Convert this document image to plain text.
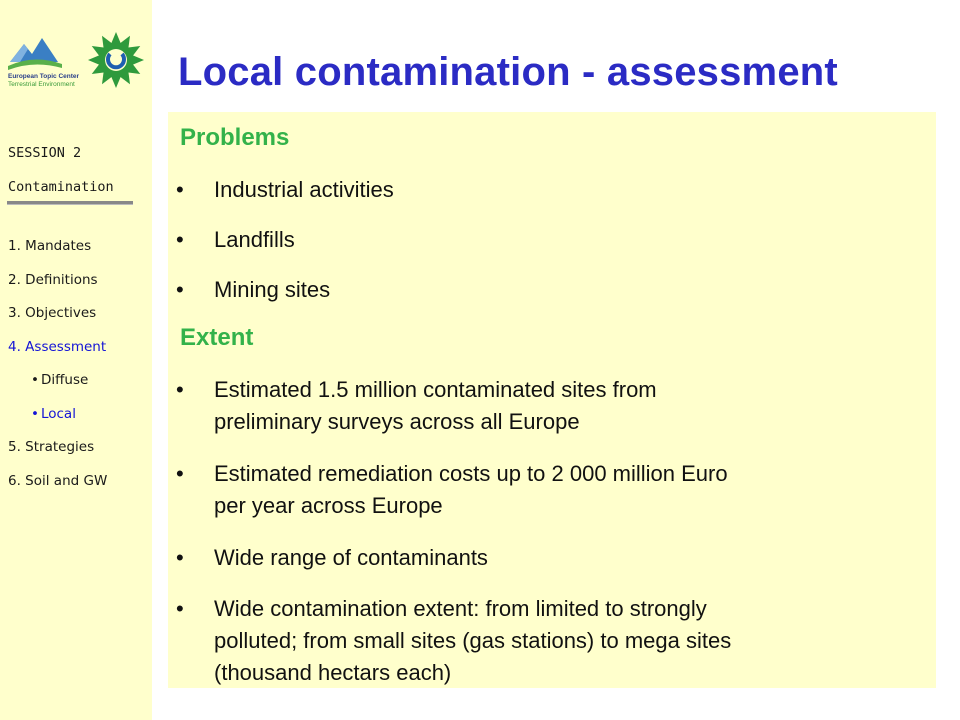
European Topic Center
Terrestrial Environment
SESSION 2
Contamination
1. Mandates
2. Definitions
3. Objectives
4. Assessment
• Diffuse
• Local
5. Strategies
6. Soil and GW
Local contamination - assessment
Problems
• Industrial activities
• Landfills
• Mining sites
Extent
• Estimated 1.5 million contaminated sites from
preliminary surveys across all Europe
• Estimated remediation costs up to 2 000 million Euro
per year across Europe
• Wide range of contaminants
• Wide contamination extent: from limited to strongly
polluted; from small sites (gas stations) to mega sites
(thousand hectars each)
